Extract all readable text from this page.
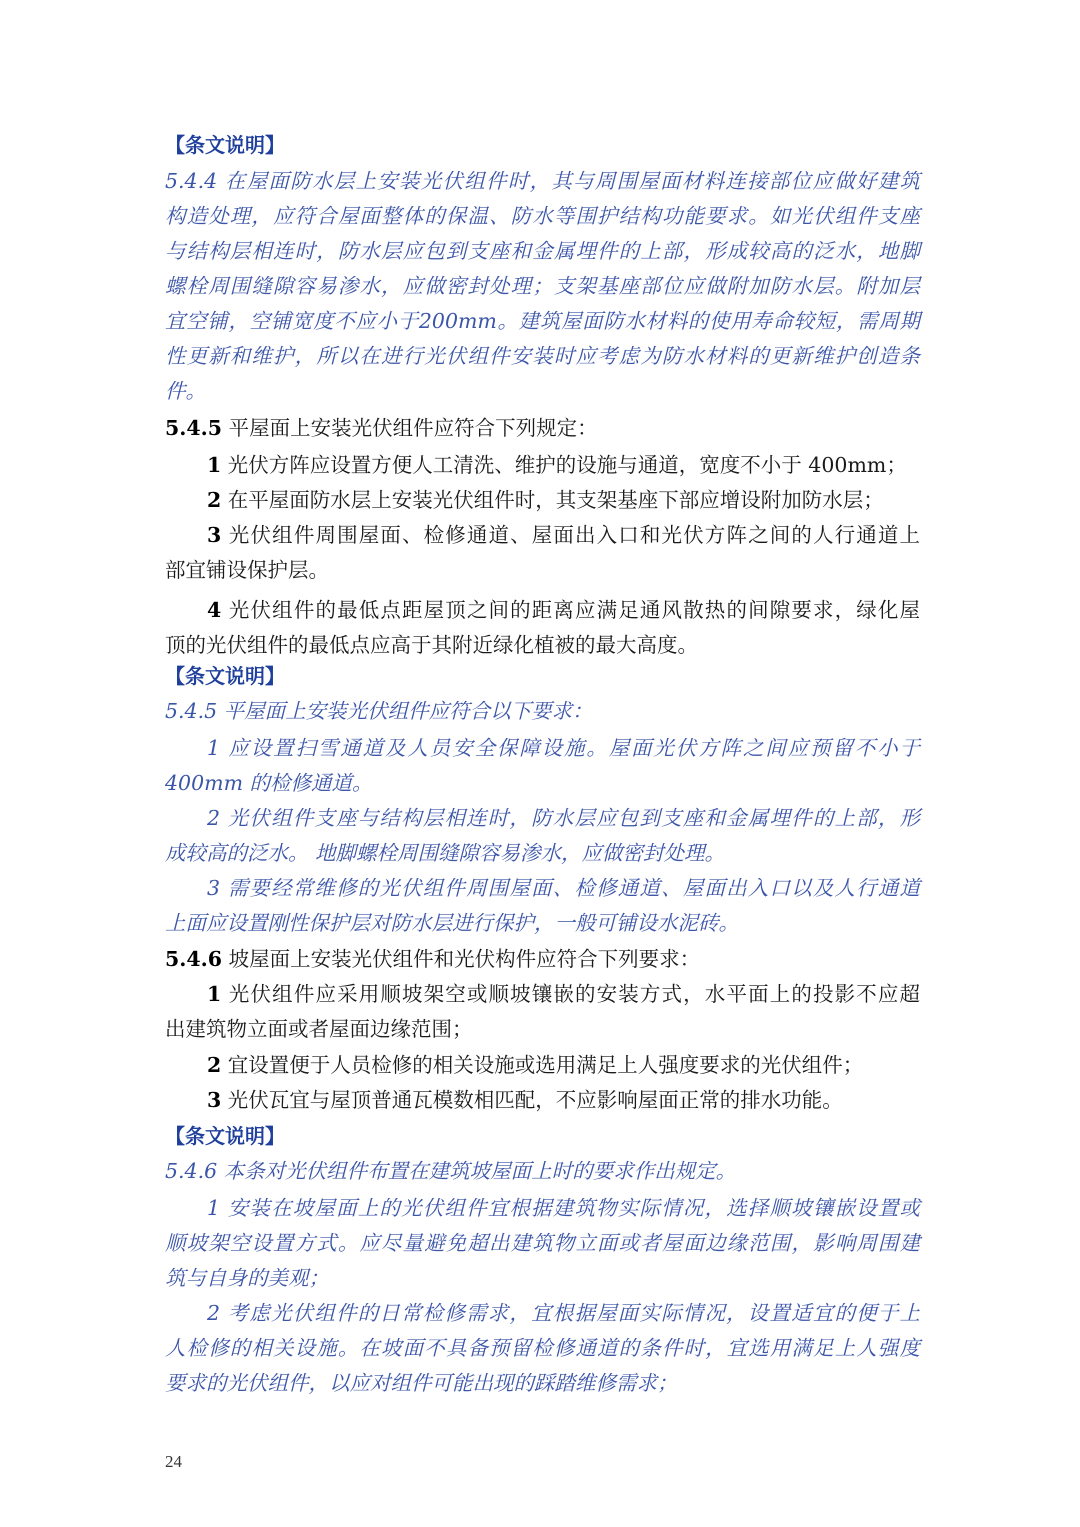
【条文说明】
5.4.4 在屋面防水层上安装光伏组件时，其与周围屋面材料连接部位应做好建筑
构造处理，应符合屋面整体的保温、防水等围护结构功能要求。如光伏组件支座
与结构层相连时，防水层应包到支座和金属埋件的上部，形成较高的泛水，地脚
螺栓周围缝隙容易渗水，应做密封处理；支架基座部位应做附加防水层。附加层
宜空铺，空铺宽度不应小于200mm。建筑屋面防水材料的使用寿命较短，需周期
性更新和维护，所以在进行光伏组件安装时应考虑为防水材料的更新维护创造条
件。
5.4.5 平屋面上安装光伏组件应符合下列规定：
1 光伏方阵应设置方便人工清洗、维护的设施与通道，宽度不小于 400mm；
2 在平屋面防水层上安装光伏组件时，其支架基座下部应增设附加防水层；
3 光伏组件周围屋面、检修通道、屋面出入口和光伏方阵之间的人行通道上
部宜铺设保护层。
4 光伏组件的最低点距屋顶之间的距离应满足通风散热的间隙要求，绿化屋
顶的光伏组件的最低点应高于其附近绿化植被的最大高度。
【条文说明】
5.4.5 平屋面上安装光伏组件应符合以下要求：
1 应设置扫雪通道及人员安全保障设施。屋面光伏方阵之间应预留不小于
400mm 的检修通道。
2 光伏组件支座与结构层相连时，防水层应包到支座和金属埋件的上部，形
成较高的泛水。 地脚螺栓周围缝隙容易渗水，应做密封处理。
3 需要经常维修的光伏组件周围屋面、检修通道、屋面出入口以及人行通道
上面应设置刚性保护层对防水层进行保护，一般可铺设水泥砖。
5.4.6 坡屋面上安装光伏组件和光伏构件应符合下列要求：
1 光伏组件应采用顺坡架空或顺坡镶嵌的安装方式，水平面上的投影不应超
出建筑物立面或者屋面边缘范围；
2 宜设置便于人员检修的相关设施或选用满足上人强度要求的光伏组件；
3 光伏瓦宜与屋顶普通瓦模数相匹配，不应影响屋面正常的排水功能。
【条文说明】
5.4.6 本条对光伏组件布置在建筑坡屋面上时的要求作出规定。
1 安装在坡屋面上的光伏组件宜根据建筑物实际情况，选择顺坡镶嵌设置或
顺坡架空设置方式。应尽量避免超出建筑物立面或者屋面边缘范围，影响周围建
筑与自身的美观；
2 考虑光伏组件的日常检修需求，宜根据屋面实际情况，设置适宜的便于上
人检修的相关设施。在坡面不具备预留检修通道的条件时，宜选用满足上人强度
要求的光伏组件，以应对组件可能出现的踩踏维修需求；
24
